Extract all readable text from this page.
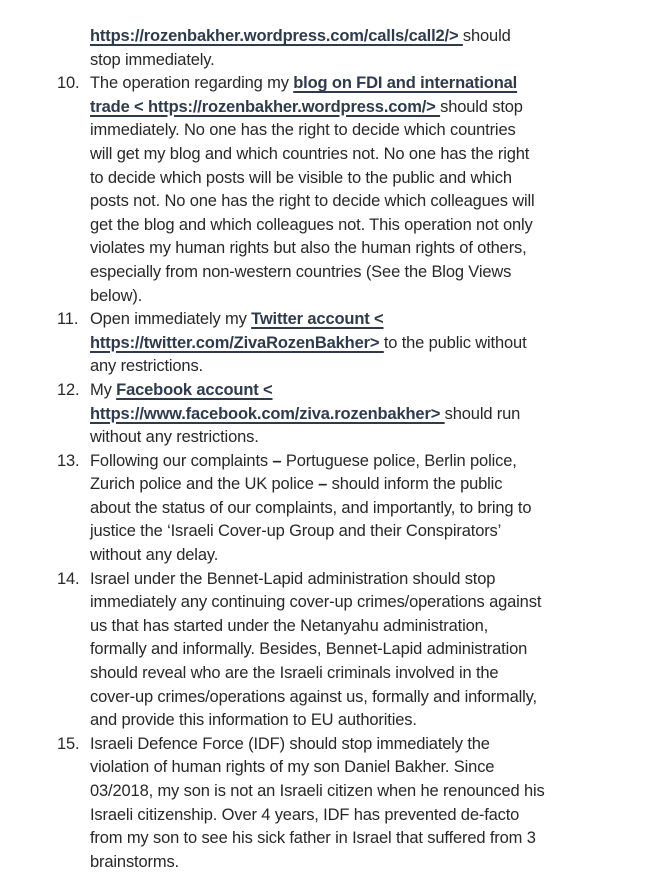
https://rozenbakher.wordpress.com/calls/call2/> should
stop immediately.
10. The operation regarding my blog on FDI and international
trade < https://rozenbakher.wordpress.com/> should stop
immediately. No one has the right to decide which countries
will get my blog and which countries not. No one has the right
to decide which posts will be visible to the public and which
posts not. No one has the right to decide which colleagues will
get the blog and which colleagues not. This operation not only
violates my human rights but also the human rights of others,
especially from non-western countries (See the Blog Views
below).
11. Open immediately my Twitter account <
https://twitter.com/ZivaRozenBakher> to the public without
any restrictions.
12. My Facebook account <
https://www.facebook.com/ziva.rozenbakher> should run
without any restrictions.
13. Following our complaints – Portuguese police, Berlin police,
Zurich police and the UK police – should inform the public
about the status of our complaints, and importantly, to bring to
justice the ‘Israeli Cover-up Group and their Conspirators’
without any delay.
14. Israel under the Bennet-Lapid administration should stop
immediately any continuing cover-up crimes/operations against
us that has started under the Netanyahu administration,
formally and informally. Besides, Bennet-Lapid administration
should reveal who are the Israeli criminals involved in the
cover-up crimes/operations against us, formally and informally,
and provide this information to EU authorities.
15. Israeli Defence Force (IDF) should stop immediately the
violation of human rights of my son Daniel Bakher. Since
03/2018, my son is not an Israeli citizen when he renounced his
Israeli citizenship. Over 4 years, IDF has prevented de-facto
from my son to see his sick father in Israel that suffered from 3
brainstorms.
